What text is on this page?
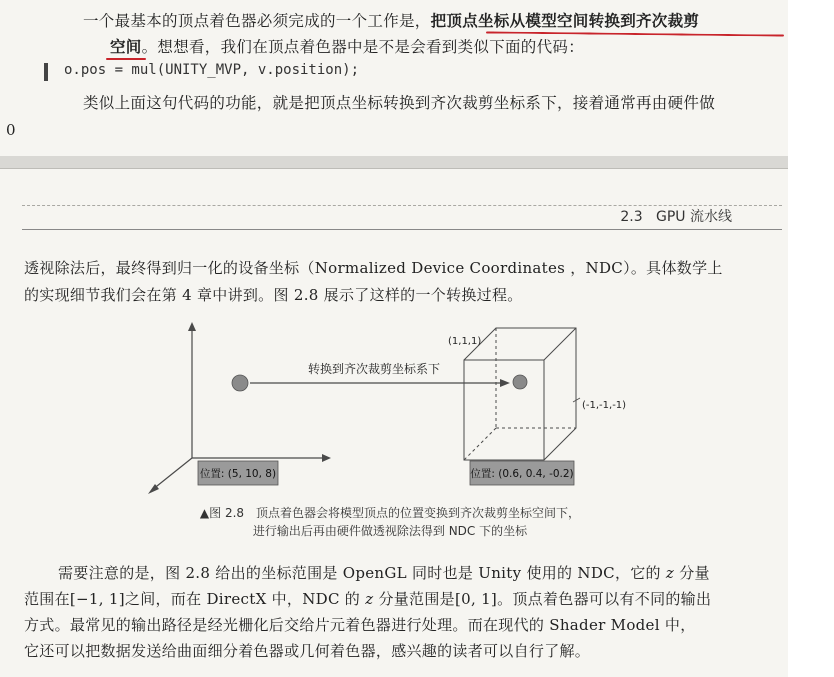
一个最基本的顶点着色器必须完成的一个工作是，把顶点坐标从模型空间转换到齐次裁剪
空间。想想看，我们在顶点着色器中是不是会看到类似下面的代码：
o.pos = mul(UNITY_MVP, v.position);
类似上面这句代码的功能，就是把顶点坐标转换到齐次裁剪坐标系下，接着通常再由硬件做
0
2.3 GPU 流水线
透视除法后，最终得到归一化的设备坐标（Normalized Device Coordinates ，NDC）。具体数学上
的实现细节我们会在第 4 章中讲到。图 2.8 展示了这样的一个转换过程。
转换到齐次裁剪坐标系下
(1,1,1)
(-1,-1,-1)
位置: (5, 10, 8)	位置: (0.6, 0.4, -0.2)
▲图 2.8　顶点着色器会将模型顶点的位置变换到齐次裁剪坐标空间下，
进行输出后再由硬件做透视除法得到 NDC 下的坐标
需要注意的是，图 2.8 给出的坐标范围是 OpenGL 同时也是 Unity 使用的 NDC，它的 z 分量
范围在[−1, 1]之间，而在 DirectX 中，NDC 的 z 分量范围是[0, 1]。顶点着色器可以有不同的输出
方式。最常见的输出路径是经光栅化后交给片元着色器进行处理。而在现代的 Shader Model 中，
它还可以把数据发送给曲面细分着色器或几何着色器，感兴趣的读者可以自行了解。
